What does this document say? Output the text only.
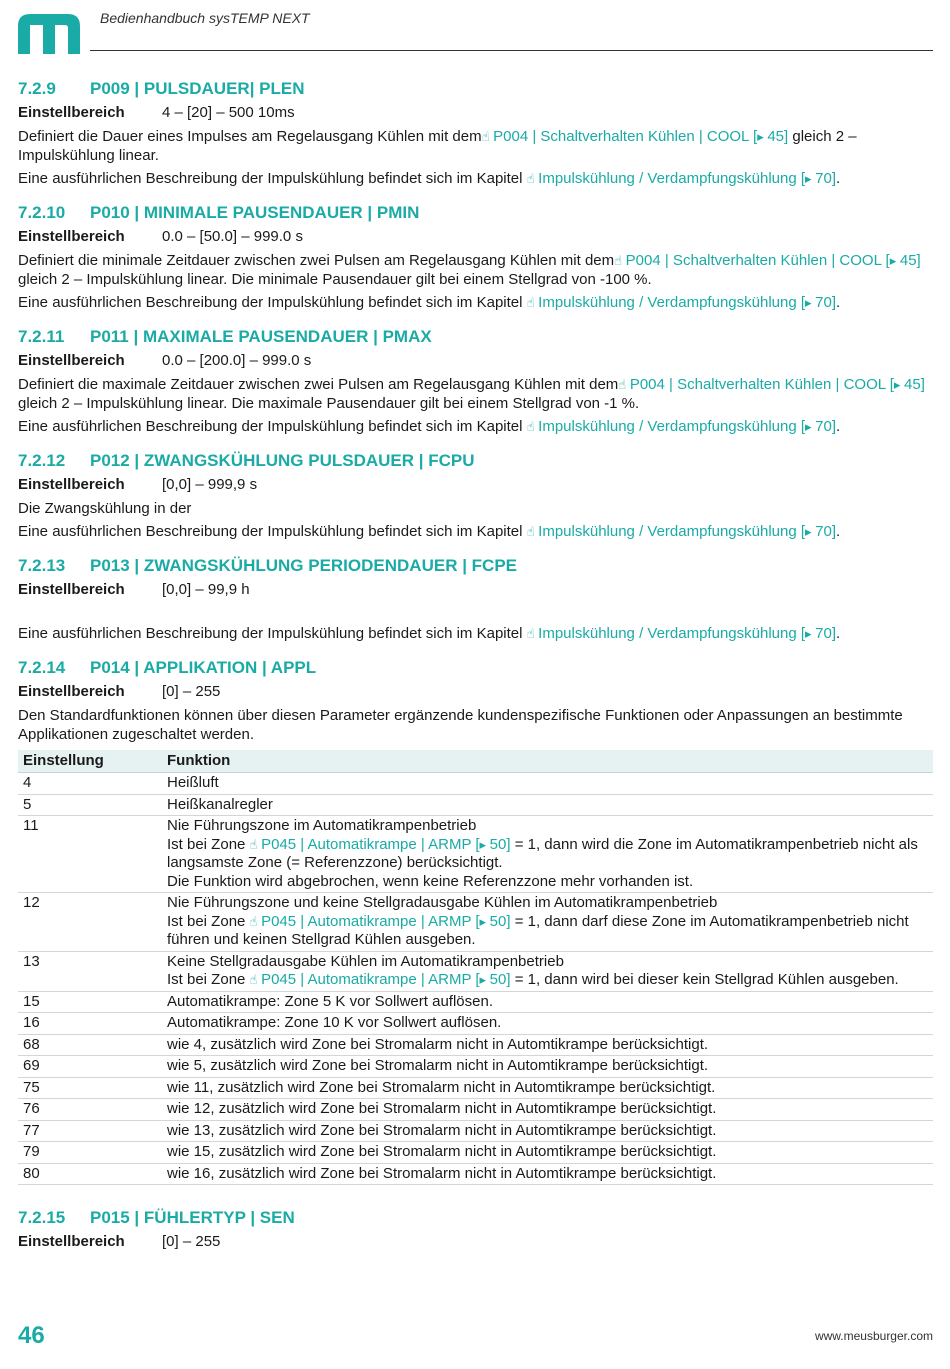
Bedienhandbuch sysTEMP NEXT
7.2.9	P009 | PULSDAUER| PLEN
Einstellbereich	4 – [20] – 500 10ms

Definiert die Dauer eines Impulses am Regelausgang Kühlen mit dem☝︎ P004 | Schaltverhalten Kühlen | COOL [▸ 45] gleich 2 – Impulskühlung linear.

Eine ausführlichen Beschreibung der Impulskühlung befindet sich im Kapitel ☝︎ Impulskühlung / Verdampfungskühlung [▸ 70].

7.2.10	P010 | MINIMALE PAUSENDAUER | PMIN
Einstellbereich	0.0 – [50.0] – 999.0 s

Definiert die minimale Zeitdauer zwischen zwei Pulsen am Regelausgang Kühlen mit dem☝︎ P004 | Schaltverhalten Kühlen | COOL [▸ 45] gleich 2 – Impulskühlung linear. Die minimale Pausendauer gilt bei einem Stellgrad von -100 %.

Eine ausführlichen Beschreibung der Impulskühlung befindet sich im Kapitel ☝︎ Impulskühlung / Verdampfungskühlung [▸ 70].

7.2.11	P011 | MAXIMALE PAUSENDAUER | PMAX
Einstellbereich	0.0 – [200.0] – 999.0 s

Definiert die maximale Zeitdauer zwischen zwei Pulsen am Regelausgang Kühlen mit dem☝︎ P004 | Schaltverhalten Kühlen | COOL [▸ 45] gleich 2 – Impulskühlung linear. Die maximale Pausendauer gilt bei einem Stellgrad von -1 %.

Eine ausführlichen Beschreibung der Impulskühlung befindet sich im Kapitel ☝︎ Impulskühlung / Verdampfungskühlung [▸ 70].

7.2.12	P012 | ZWANGSKÜHLUNG PULSDAUER | FCPU
Einstellbereich	[0,0] – 999,9 s

Die Zwangskühlung in der

Eine ausführlichen Beschreibung der Impulskühlung befindet sich im Kapitel ☝︎ Impulskühlung / Verdampfungskühlung [▸ 70].

7.2.13	P013 | ZWANGSKÜHLUNG PERIODENDAUER | FCPE
Einstellbereich	[0,0] – 99,9 h

Eine ausführlichen Beschreibung der Impulskühlung befindet sich im Kapitel ☝︎ Impulskühlung / Verdampfungskühlung [▸ 70].

7.2.14	P014 | APPLIKATION | APPL
Einstellbereich	[0] – 255

Den Standardfunktionen können über diesen Parameter ergänzende kundenspezifische Funktionen oder Anpassungen an bestimmte Applikationen zugeschaltet werden.

Einstellung	Funktion
4	Heißluft

5	Heißkanalregler

11	Nie Führungszone im Automatikrampenbetrieb
Ist bei Zone ☝︎ P045 | Automatikrampe | ARMP [▸ 50] = 1, dann wird die Zone im Automatikrampenbetrieb nicht als langsamste Zone (= Referenzzone) berücksichtigt.
Die Funktion wird abgebrochen, wenn keine Referenzzone mehr vorhanden ist.

12	Nie Führungszone und keine Stellgradausgabe Kühlen im Automatikrampenbetrieb
Ist bei Zone ☝︎ P045 | Automatikrampe | ARMP [▸ 50] = 1, dann darf diese Zone im Automatikrampenbetrieb nicht führen und keinen Stellgrad Kühlen ausgeben.

13	Keine Stellgradausgabe Kühlen im Automatikrampenbetrieb
Ist bei Zone ☝︎ P045 | Automatikrampe | ARMP [▸ 50] = 1, dann wird bei dieser kein Stellgrad Kühlen ausgeben.

15	Automatikrampe: Zone 5 K vor Sollwert auflösen.

16	Automatikrampe: Zone 10 K vor Sollwert auflösen.

68	wie 4, zusätzlich wird Zone bei Stromalarm nicht in Automtikrampe berücksichtigt.

69	wie 5, zusätzlich wird Zone bei Stromalarm nicht in Automtikrampe berücksichtigt.

75	wie 11, zusätzlich wird Zone bei Stromalarm nicht in Automtikrampe berücksichtigt.

76	wie 12, zusätzlich wird Zone bei Stromalarm nicht in Automtikrampe berücksichtigt.

77	wie 13, zusätzlich wird Zone bei Stromalarm nicht in Automtikrampe berücksichtigt.

79	wie 15, zusätzlich wird Zone bei Stromalarm nicht in Automtikrampe berücksichtigt.

80	wie 16, zusätzlich wird Zone bei Stromalarm nicht in Automtikrampe berücksichtigt.
7.2.15	P015 | FÜHLERTYP | SEN
Einstellbereich	[0] – 255
46	www.meusburger.com
